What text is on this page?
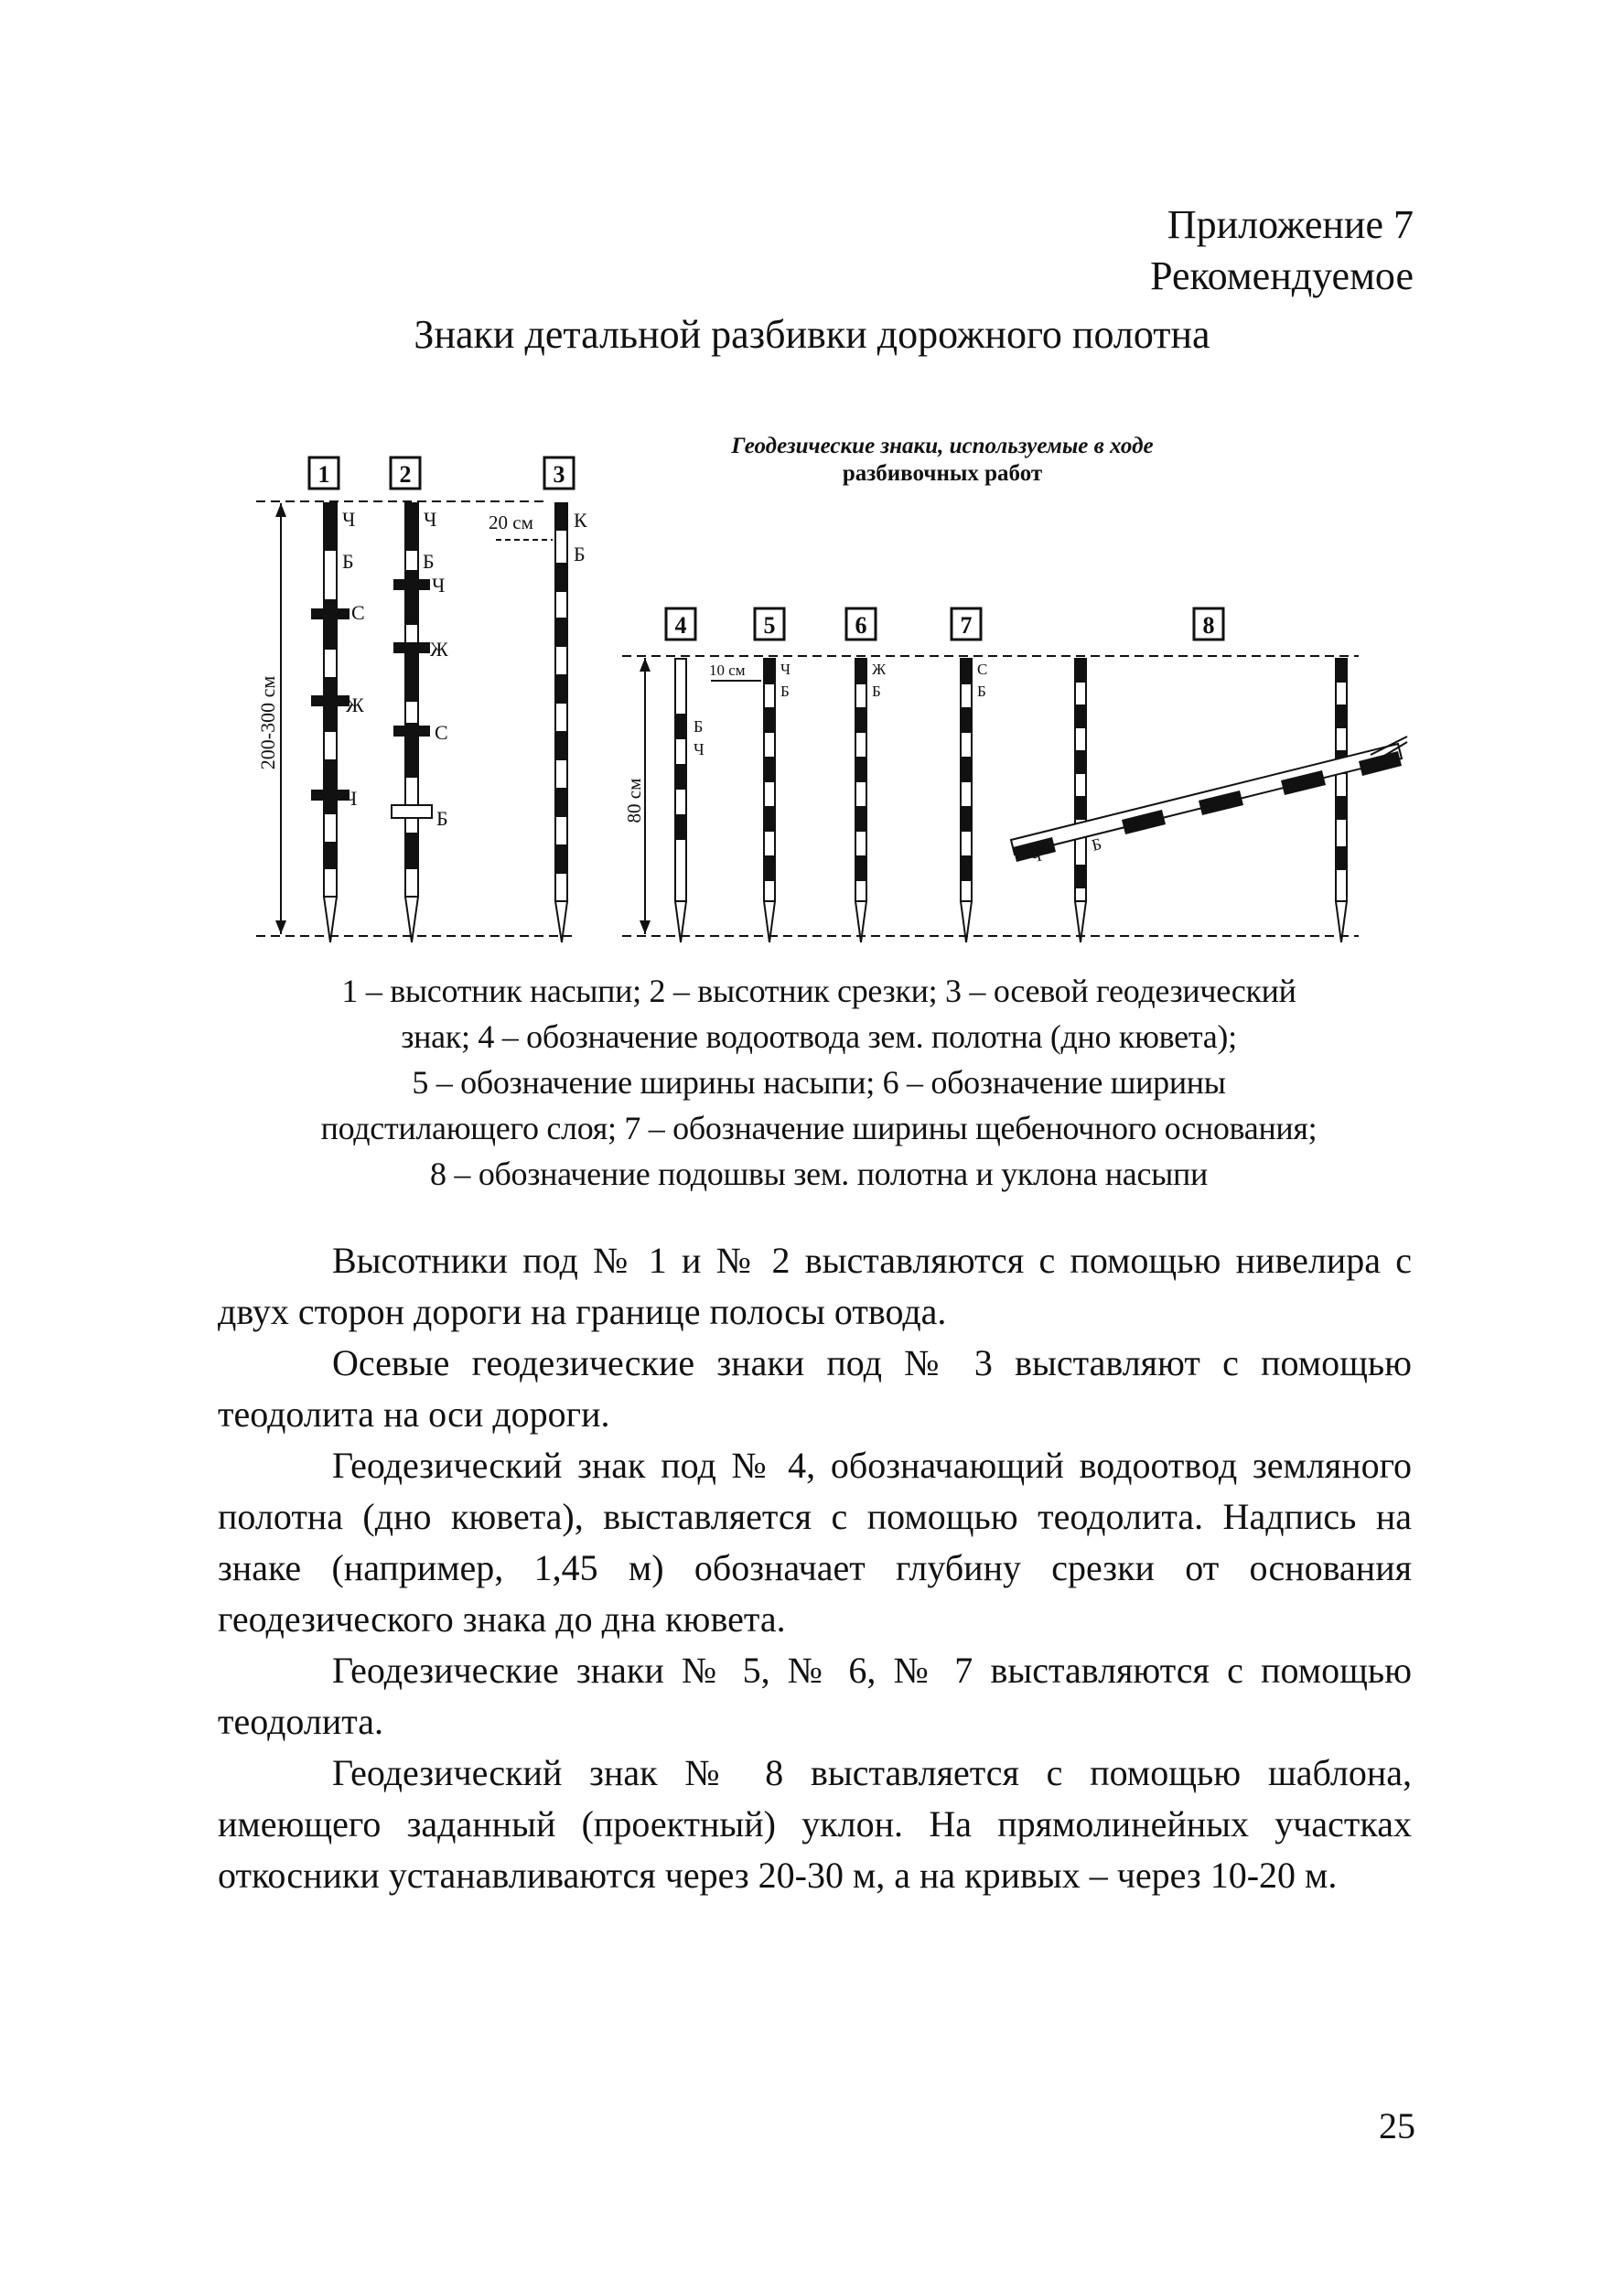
Приложение 7
Рекомендуемое
Знаки детальной разбивки дорожного полотна
Геодезические знаки, используемые в ходе
разбивочных работ
1	2	3
200-300 см
Ч
Б
С
Ж
Ч
Ч
Б
Ч
Ж
С
Б
20 см К
Б
4	5	6	7	8
80 см
Б
Ч
10 см Ч
Б
Ж
Б
С
Б
Ч
Б
1 – высотник насыпи; 2 – высотник срезки; 3 – осевой геодезический
знак; 4 – обозначение водоотвода зем. полотна (дно кювета);
5 – обозначение ширины насыпи; 6 – обозначение ширины
подстилающего слоя; 7 – обозначение ширины щебеночного основания;
8 – обозначение подошвы зем. полотна и уклона насыпи

Высотники под № 1 и № 2 выставляются с помощью нивелира с двух сторон дороги на границе полосы отвода.

Осевые геодезические знаки под № 3 выставляют с помощью теодолита на оси дороги.

Геодезический знак под № 4, обозначающий водоотвод земляного полотна (дно кювета), выставляется с помощью теодолита. Надпись на знаке (например, 1,45 м) обозначает глубину срезки от основания геодезического знака до дна кювета.

Геодезические знаки № 5, № 6, № 7 выставляются с помощью теодолита.

Геодезический знак № 8 выставляется с помощью шаблона, имеющего заданный (проектный) уклон. На прямолинейных участках откосники устанавливаются через 20-30 м, а на кривых – через 10-20 м.

25
